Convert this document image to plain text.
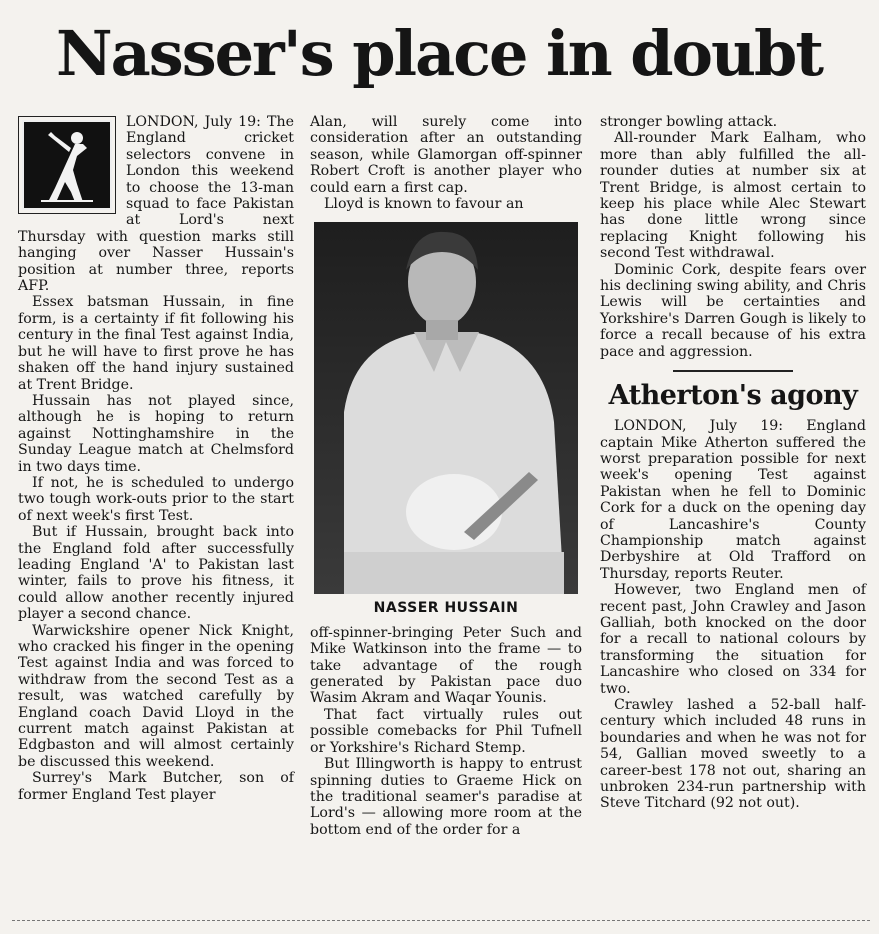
Nasser's place in doubt

LONDON, July 19: The England cricket selectors convene in London this weekend to choose the 13-man squad to face Pakistan at Lord's next Thursday with question marks still hanging over Nasser Hussain's position at number three, reports AFP.

Essex batsman Hussain, in fine form, is a certainty if fit following his century in the final Test against India, but he will have to first prove he has shaken off the hand injury sustained at Trent Bridge.

Hussain has not played since, although he is hoping to return against Nottinghamshire in the Sunday League match at Chelmsford in two days time.

If not, he is scheduled to undergo two tough work-outs prior to the start of next week's first Test.

But if Hussain, brought back into the England fold after successfully leading England 'A' to Pakistan last winter, fails to prove his fitness, it could allow another recently injured player a second chance.

Warwickshire opener Nick Knight, who cracked his finger in the opening Test against India and was forced to withdraw from the second Test as a result, was watched carefully by England coach David Lloyd in the current match against Pakistan at Edgbaston and will almost certainly be discussed this weekend.

Surrey's Mark Butcher, son of former England Test player

Alan, will surely come into consideration after an outstanding season, while Glamorgan off-spinner Robert Croft is another player who could earn a first cap.

Lloyd is known to favour an

NASSER HUSSAIN

off-spinner-bringing Peter Such and Mike Watkinson into the frame — to take advantage of the rough generated by Pakistan pace duo Wasim Akram and Waqar Younis.

That fact virtually rules out possible comebacks for Phil Tufnell or Yorkshire's Richard Stemp.

But Illingworth is happy to entrust spinning duties to Graeme Hick on the traditional seamer's paradise at Lord's — allowing more room at the bottom end of the order for a

stronger bowling attack.

All-rounder Mark Ealham, who more than ably fulfilled the all-rounder duties at number six at Trent Bridge, is almost certain to keep his place while Alec Stewart has done little wrong since replacing Knight following his second Test withdrawal.

Dominic Cork, despite fears over his declining swing ability, and Chris Lewis will be certainties and Yorkshire's Darren Gough is likely to force a recall because of his extra pace and aggression.

Atherton's agony

LONDON, July 19: England captain Mike Atherton suffered the worst preparation possible for next week's opening Test against Pakistan when he fell to Dominic Cork for a duck on the opening day of Lancashire's County Championship match against Derbyshire at Old Trafford on Thursday, reports Reuter.

However, two England men of recent past, John Crawley and Jason Galliah, both knocked on the door for a recall to national colours by transforming the situation for Lancashire who closed on 334 for two.

Crawley lashed a 52-ball half-century which included 48 runs in boundaries and when he was not for 54, Gallian moved sweetly to a career-best 178 not out, sharing an unbroken 234-run partnership with Steve Titchard (92 not out).
